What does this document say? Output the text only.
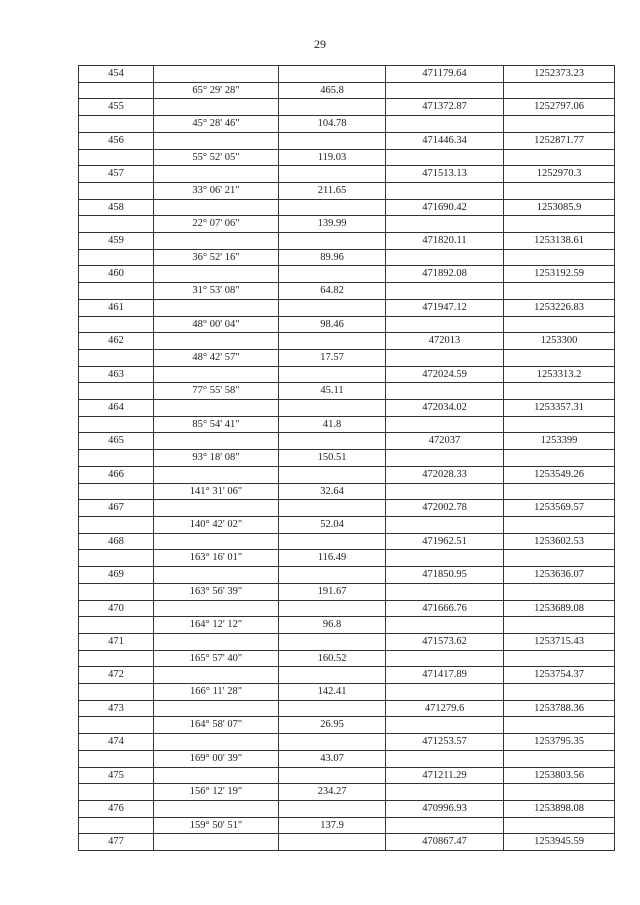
29
454			471179.64	1252373.23
	65° 29' 28"	465.8		
455			471372.87	1252797.06
	45° 28' 46"	104.78		
456			471446.34	1252871.77
	55° 52' 05"	119.03		
457			471513.13	1252970.3
	33° 06' 21"	211.65		
458			471690.42	1253085.9
	22° 07' 06"	139.99		
459			471820.11	1253138.61
	36° 52' 16"	89.96		
460			471892.08	1253192.59
	31° 53' 08"	64.82		
461			471947.12	1253226.83
	48° 00' 04"	98.46		
462			472013	1253300
	48° 42' 57"	17.57		
463			472024.59	1253313.2
	77° 55' 58"	45.11		
464			472034.02	1253357.31
	85° 54' 41"	41.8		
465			472037	1253399
	93° 18' 08"	150.51		
466			472028.33	1253549.26
	141° 31' 06"	32.64		
467			472002.78	1253569.57
	140° 42' 02"	52.04		
468			471962.51	1253602.53
	163° 16' 01"	116.49		
469			471850.95	1253636.07
	163° 56' 39"	191.67		
470			471666.76	1253689.08
	164° 12' 12"	96.8		
471			471573.62	1253715.43
	165° 57' 40"	160.52		
472			471417.89	1253754.37
	166° 11' 28"	142.41		
473			471279.6	1253788.36
	164° 58' 07"	26.95		
474			471253.57	1253795.35
	169° 00' 39"	43.07		
475			471211.29	1253803.56
	156° 12' 19"	234.27		
476			470996.93	1253898.08
	159° 50' 51"	137.9		
477			470867.47	1253945.59
